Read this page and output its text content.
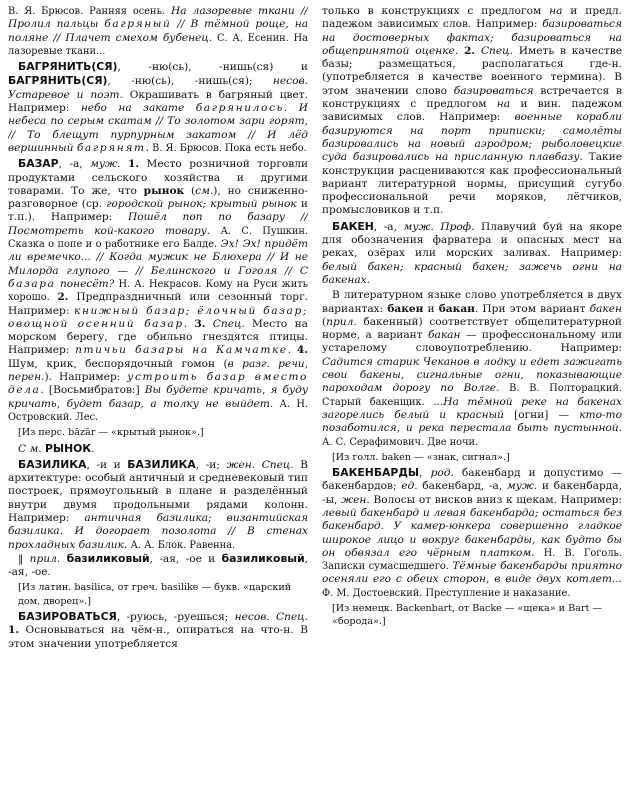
В. Я. Брюсов. Ранняя осень. На лазоревые ткани // Пролил пальцы багряный // В тёмной роще, на поляне // Плачет смехом бубенец. С. А. Есенин. На лазоревые ткани...

БАГРЯНИТЬ(СЯ), -ню(сь), -нишь(ся) и БАГРЯНИТЬ(СЯ), -ню(сь), -нишь(ся); несов. Устаревое и поэт. Окрашивать в багряный цвет. Например: небо на закате багрянилось. И небеса по серым скатам // То золотом зари горят, // То блещут пурпурным закатом // И лёд вершинный багрянят. В. Я. Брюсов. Пока есть небо.

БАЗАР, -а, муж. 1. Место розничной торговли продуктами сельского хозяйства и другими товарами. То же, что рынок (см.), но сниженно-разговорное (ср. городской рынок; крытый рынок и т.п.). Например: Пошёл поп по базару // Посмотреть кой-какого товару. А. С. Пушкин. Сказка о попе и о работнике его Балде. Эх! Эх! придёт ли времечко... // Когда мужик не Блюхера // И не Милорда глупого — // Белинского и Гоголя // С базара понесёт? Н. А. Некрасов. Кому на Руси жить хорошо. 2. Предпраздничный или сезонный торг. Например: книжный базар; ёлочный базар; овощной осенний базар. 3. Спец. Место на морском берегу, где обильно гнездятся птицы. Например: птичьи базары на Камчатке. 4. Шум, крик, беспорядочный гомон (в разг. речи, перен.). Например: устроить базар вместо дела. [Восьмибратов:] Вы будете кричать, я буду кричать, будет базар, а толку не выйдет. А. Н. Островский. Лес.

[Из перс. bāzār — «крытый рынок».]

С м. РЫНОК.

БАЗИЛИКА, -и и БАЗИЛИКА, -и; жен. Спец. В архитектуре: особый античный и средневековый тип построек, прямоугольный в плане и разделённый внутри двумя продольными рядами колонн. Например: античная базилика; византийская базилика. И догорает позолота // В стенах прохладных базилик. А. А. Блок. Равенна.

‖ прил. базиликовый, -ая, -ое и базиликовый, -ая, -ое.

[Из латин. basilica, от греч. basilike — букв. «царский дом, дворец».]

БАЗИРОВАТЬСЯ, -руюсь, -руешься; несов. Спец. 1. Основываться на чём-н., опираться на что-н. В этом значении употребляется

только в конструкциях с предлогом на и предл. падежом зависимых слов. Например: базироваться на достоверных фактах; базироваться на общепринятой оценке. 2. Спец. Иметь в качестве базы; размещаться, располагаться где-н. (употребляется в качестве военного термина). В этом значении слово базироваться встречается в конструкциях с предлогом на и вин. падежом зависимых слов. Например: военные корабли базируются на порт приписки; самолёты базировались на новый аэродром; рыболовецкие суда базировались на присланную плавбазу. Такие конструкции расцениваются как профессиональный вариант литературной нормы, присущий сугубо профессиональной речи моряков, лётчиков, промысловиков и т.п.

БАКЕН, -а, муж. Проф. Плавучий буй на якоре для обозначения фарватера и опасных мест на реках, озёрах или морских заливах. Например: белый бакен; красный бакен; зажечь огни на бакенах.

В литературном языке слово употребляется в двух вариантах: бакен и бакан. При этом вариант бакен (прил. бакенный) соответствует общелитературной норме, а вариант бакан — профессиональному или устарелому словоупотреблению. Например: Садится старик Чеканов в лодку и едет зажигать свои бакены, сигнальные огни, показывающие пароходам дорогу по Волге. В. В. Полторацкий. Старый бакенщик. ...На тёмной реке на бакенах загорелись белый и красный [огни] — кто-то позаботился, и река перестала быть пустынной. А. С. Серафимович. Две ночи.

[Из голл. baken — «знак, сигнал».]

БАКЕНБАРДЫ, род. бакенбард и допустимо — бакенбардов; ед. бакенбард, -а, муж. и бакенбарда, -ы, жен. Волосы от висков вниз к щекам. Например: левый бакенбард и левая бакенбарда; остаться без бакенбард. У камер-юнкера совершенно гладкое широкое лицо и вокруг бакенбарды, как будто бы он обвязал его чёрным платком. Н. В. Гоголь. Записки сумасшедшего. Тёмные бакенбарды приятно осеняли его с обеих сторон, в виде двух котлет... Ф. М. Достоевский. Преступление и наказание.

[Из немецк. Backenbart, от Backe — «щека» и Bart — «борода».]
